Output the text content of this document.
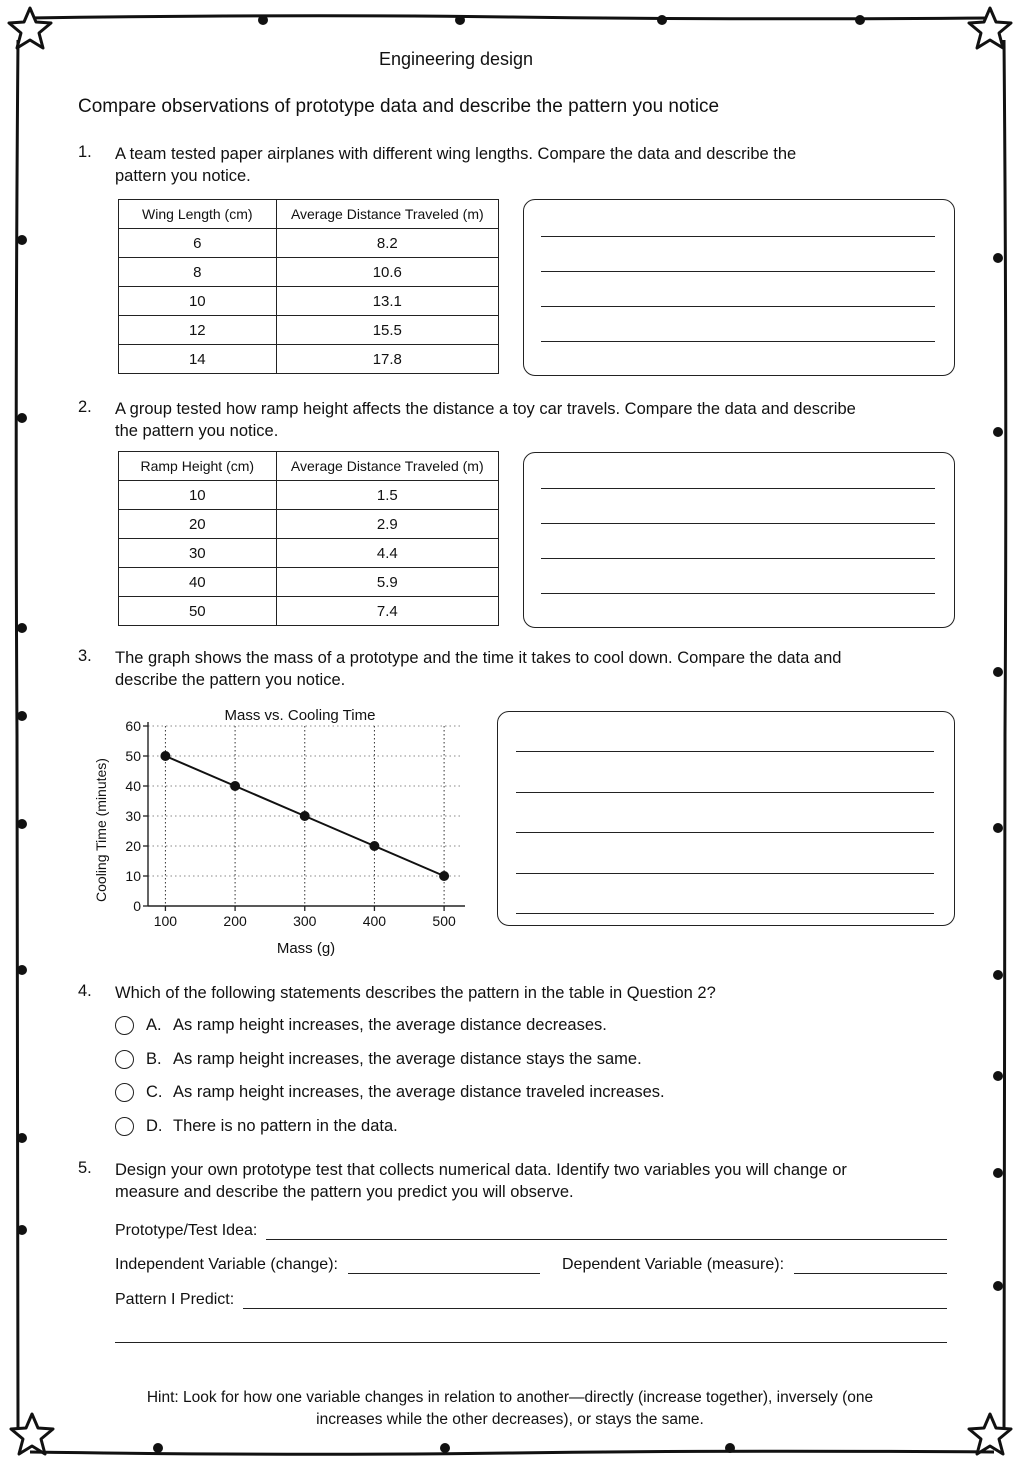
Engineering design
Compare observations of prototype data and describe the pattern you notice
1. A team tested paper airplanes with different wing lengths. Compare the data and describe the pattern you notice.
Wing Length (cm)	Average Distance Traveled (m)
6	8.2
8	10.6
10	13.1
12	15.5
14	17.8
2. A group tested how ramp height affects the distance a toy car travels. Compare the data and describe the pattern you notice.
Ramp Height (cm)	Average Distance Traveled (m)
10	1.5
20	2.9
30	4.4
40	5.9
50	7.4
3. The graph shows the mass of a prototype and the time it takes to cool down. Compare the data and describe the pattern you notice.
Mass vs. Cooling Time
Cooling Time (minutes)
Mass (g)
0
10
20
30
40
50
60
100	200	300	400	500
4. Which of the following statements describes the pattern in the table in Question 2?
A. As ramp height increases, the average distance decreases.
B. As ramp height increases, the average distance stays the same.
C. As ramp height increases, the average distance traveled increases.
D. There is no pattern in the data.
5. Design your own prototype test that collects numerical data. Identify two variables you will change or measure and describe the pattern you predict you will observe.
Prototype/Test Idea:
Independent Variable (change):	Dependent Variable (measure):
Pattern I Predict:
Hint: Look for how one variable changes in relation to another—directly (increase together), inversely (one increases while the other decreases), or stays the same.
